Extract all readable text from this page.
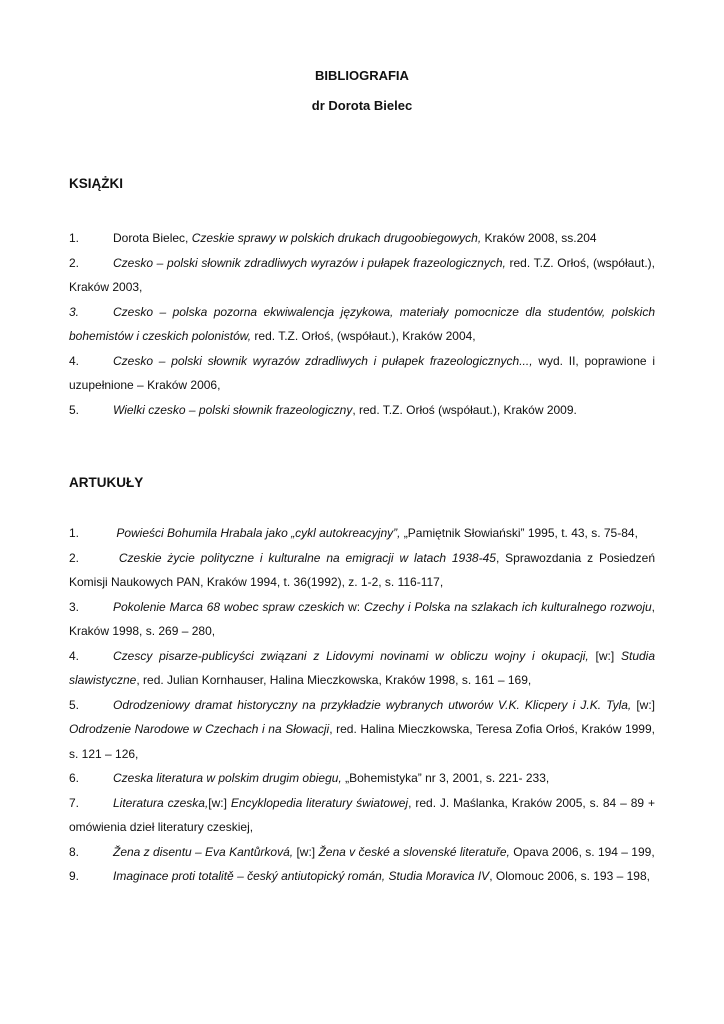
BIBLIOGRAFIA
dr Dorota Bielec
KSIĄŻKI
1.	Dorota Bielec, Czeskie sprawy w polskich drukach drugoobiegowych, Kraków 2008, ss.204
2.	Czesko – polski słownik zdradliwych wyrazów i pułapek frazeologicznych, red. T.Z. Orłoś, (współaut.), Kraków 2003,
3.	Czesko – polska pozorna ekwiwalencja językowa, materiały pomocnicze dla studentów, polskich bohemistów i czeskich polonistów, red. T.Z. Orłoś, (współaut.), Kraków 2004,
4.	Czesko – polski słownik wyrazów zdradliwych i pułapek frazeologicznych..., wyd. II, poprawione i uzupełnione – Kraków 2006,
5.	Wielki czesko – polski słownik frazeologiczny, red. T.Z. Orłoś (współaut.), Kraków 2009.
ARTUKUŁY
1.	Powieści Bohumila Hrabala jako „cykl autokreacyjny”, „Pamiętnik Słowiański” 1995, t. 43, s. 75-84,
2.	Czeskie życie polityczne i kulturalne na emigracji w latach 1938-45, Sprawozdania z Posiedzeń Komisji Naukowych PAN, Kraków 1994, t. 36(1992), z. 1-2, s. 116-117,
3.	Pokolenie Marca 68 wobec spraw czeskich w: Czechy i Polska na szlakach ich kulturalnego rozwoju, Kraków 1998, s. 269 – 280,
4.	Czescy pisarze-publicyści związani z Lidovymi novinami w obliczu wojny i okupacji, [w:] Studia slawistyczne, red. Julian Kornhauser, Halina Mieczkowska, Kraków 1998, s. 161 – 169,
5.	Odrodzeniowy dramat historyczny na przykładzie wybranych utworów V.K. Klicpery i J.K. Tyla, [w:] Odrodzenie Narodowe w Czechach i na Słowacji, red. Halina Mieczkowska, Teresa Zofia Orłoś, Kraków 1999, s. 121 – 126,
6.	Czeska literatura w polskim drugim obiegu, „Bohemistyka” nr 3, 2001, s. 221- 233,
7.	Literatura czeska,[w:] Encyklopedia literatury światowej, red. J. Maślanka, Kraków 2005, s. 84 – 89 + omówienia dzieł literatury czeskiej,
8.	Žena z disentu – Eva Kantůrková, [w:] Žena v české a slovenské literatuře, Opava 2006, s. 194 – 199,
9.	Imaginace proti totalitě – český antiutopický román, Studia Moravica IV, Olomouc 2006, s. 193 – 198,
